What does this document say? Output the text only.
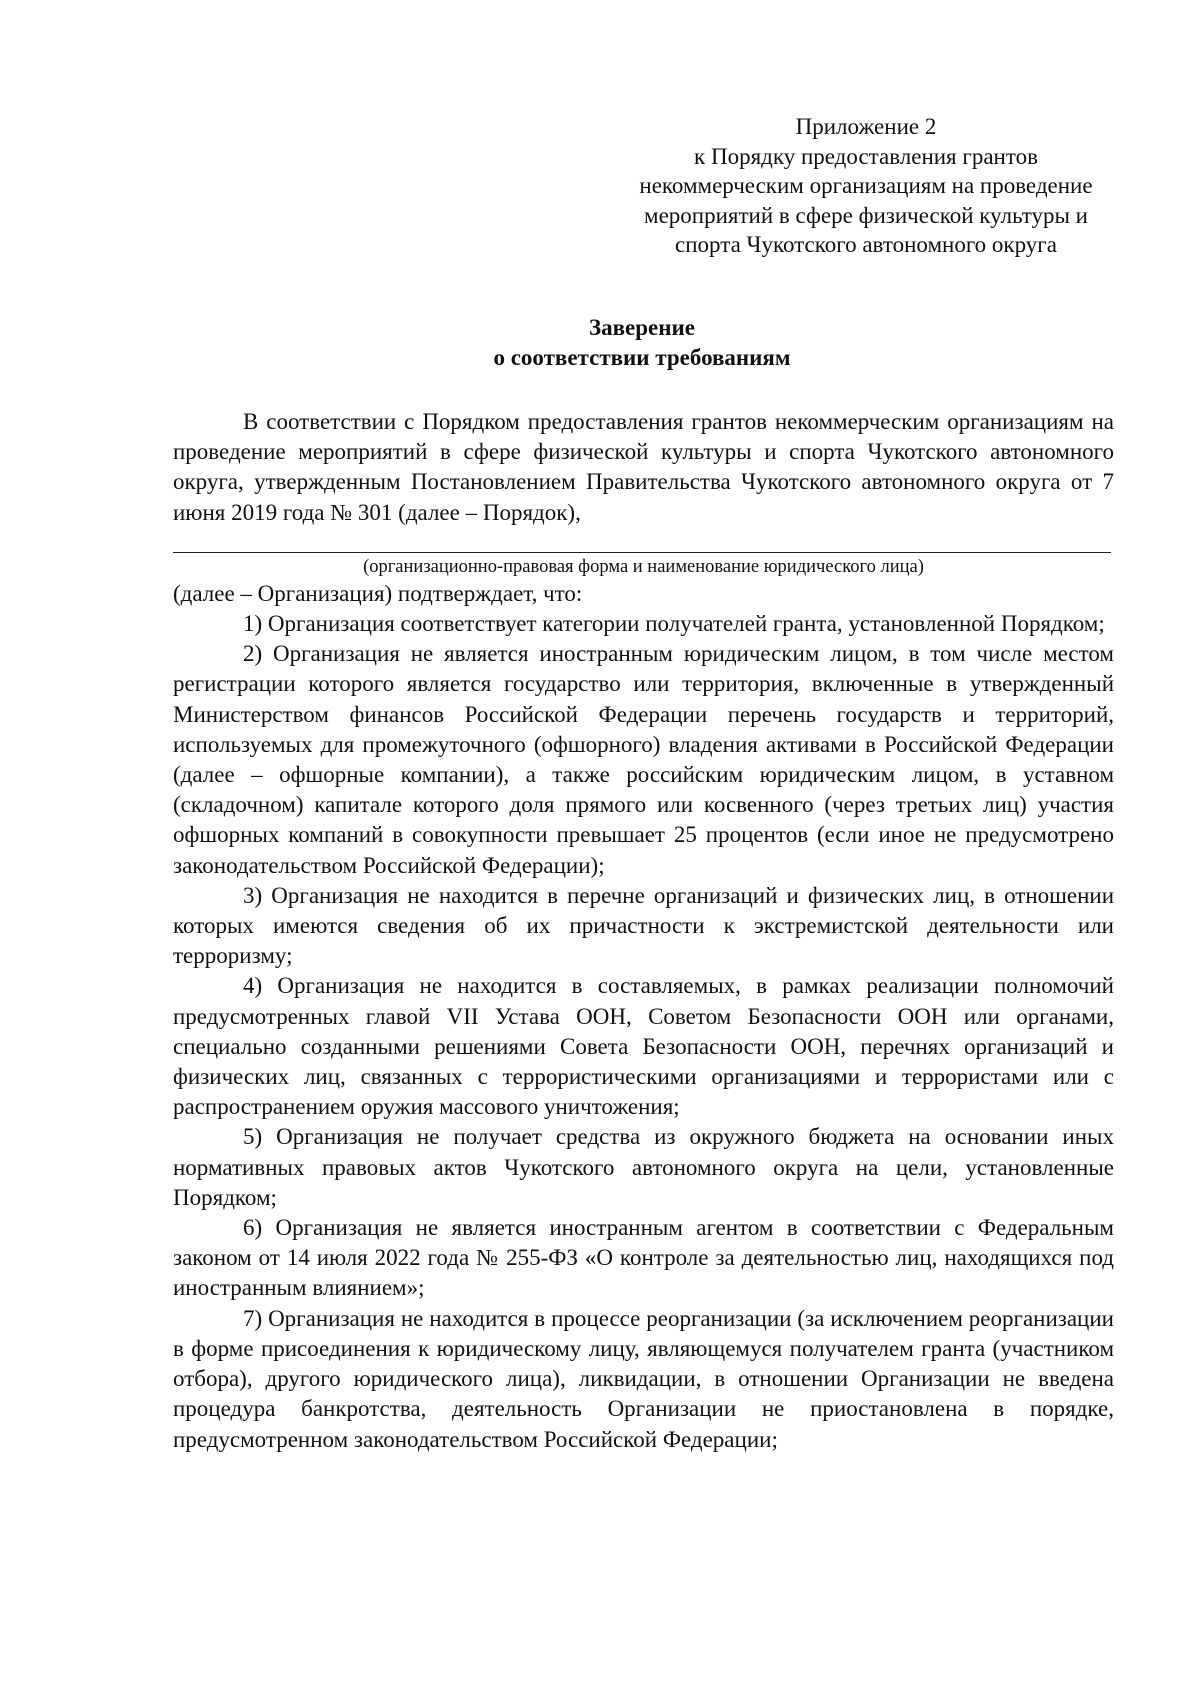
Приложение 2
к Порядку предоставления грантов
некоммерческим организациям на проведение
мероприятий в сфере физической культуры и
спорта Чукотского автономного округа
Заверение
о соответствии требованиям

В соответствии с Порядком предоставления грантов некоммерческим организациям на проведение мероприятий в сфере физической культуры и спорта Чукотского автономного округа, утвержденным Постановлением Правительства Чукотского автономного округа от 7 июня 2019 года № 301 (далее – Порядок),

(организационно-правовая форма и наименование юридического лица)

(далее – Организация) подтверждает, что:

1) Организация соответствует категории получателей гранта, установленной Порядком;

2) Организация не является иностранным юридическим лицом, в том числе местом регистрации которого является государство или территория, включенные в утвержденный Министерством финансов Российской Федерации перечень государств и территорий, используемых для промежуточного (офшорного) владения активами в Российской Федерации (далее – офшорные компании), а также российским юридическим лицом, в уставном (складочном) капитале которого доля прямого или косвенного (через третьих лиц) участия офшорных компаний в совокупности превышает 25 процентов (если иное не предусмотрено законодательством Российской Федерации);

3) Организация не находится в перечне организаций и физических лиц, в отношении которых имеются сведения об их причастности к экстремистской деятельности или терроризму;

4) Организация не находится в составляемых, в рамках реализации полномочий предусмотренных главой VII Устава ООН, Советом Безопасности ООН или органами, специально созданными решениями Совета Безопасности ООН, перечнях организаций и физических лиц, связанных с террористическими организациями и террористами или с распространением оружия массового уничтожения;

5) Организация не получает средства из окружного бюджета на основании иных нормативных правовых актов Чукотского автономного округа на цели, установленные Порядком;

6) Организация не является иностранным агентом в соответствии с Федеральным законом от 14 июля 2022 года № 255-ФЗ «О контроле за деятельностью лиц, находящихся под иностранным влиянием»;

7) Организация не находится в процессе реорганизации (за исключением реорганизации в форме присоединения к юридическому лицу, являющемуся получателем гранта (участником отбора), другого юридического лица), ликвидации, в отношении Организации не введена процедура банкротства, деятельность Организации не приостановлена в порядке, предусмотренном законодательством Российской Федерации;
